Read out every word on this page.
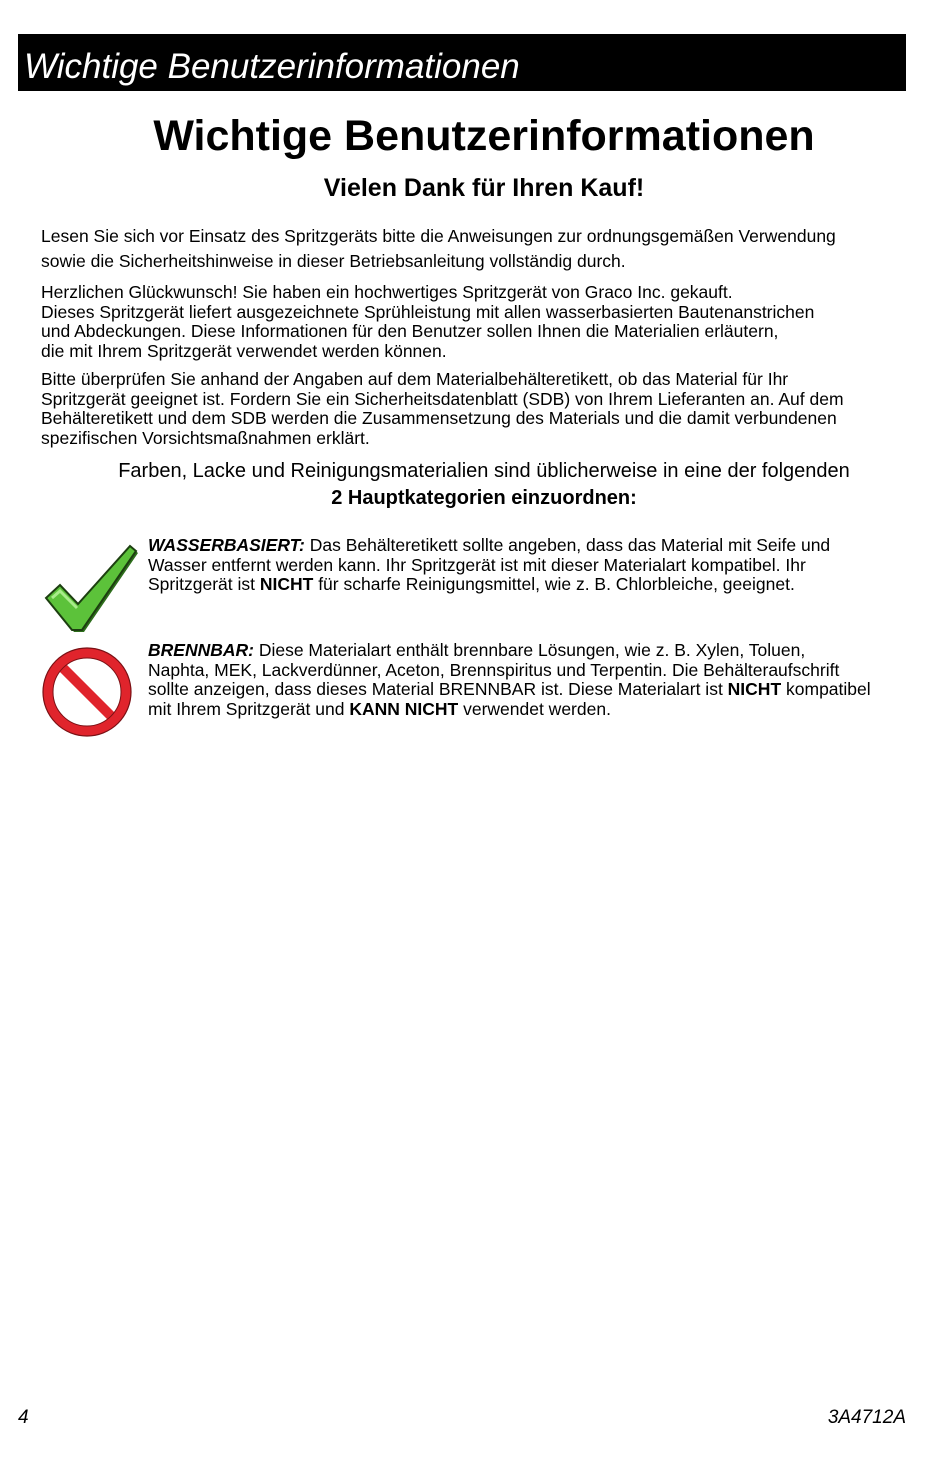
Wichtige Benutzerinformationen
Wichtige Benutzerinformationen
Vielen Dank für Ihren Kauf!

Lesen Sie sich vor Einsatz des Spritzgeräts bitte die Anweisungen zur ordnungsgemäßen Verwendung
sowie die Sicherheitshinweise in dieser Betriebsanleitung vollständig durch.

Herzlichen Glückwunsch! Sie haben ein hochwertiges Spritzgerät von Graco Inc. gekauft.
Dieses Spritzgerät liefert ausgezeichnete Sprühleistung mit allen wasserbasierten Bautenanstrichen
und Abdeckungen. Diese Informationen für den Benutzer sollen Ihnen die Materialien erläutern,
die mit Ihrem Spritzgerät verwendet werden können.

Bitte überprüfen Sie anhand der Angaben auf dem Materialbehälteretikett, ob das Material für Ihr
Spritzgerät geeignet ist. Fordern Sie ein Sicherheitsdatenblatt (SDB) von Ihrem Lieferanten an. Auf dem
Behälteretikett und dem SDB werden die Zusammensetzung des Materials und die damit verbundenen
spezifischen Vorsichtsmaßnahmen erklärt.

Farben, Lacke und Reinigungsmaterialien sind üblicherweise in eine der folgenden
2 Hauptkategorien einzuordnen:

WASSERBASIERT: Das Behälteretikett sollte angeben, dass das Material mit Seife und
Wasser entfernt werden kann. Ihr Spritzgerät ist mit dieser Materialart kompatibel. Ihr
Spritzgerät ist NICHT für scharfe Reinigungsmittel, wie z. B. Chlorbleiche, geeignet.

BRENNBAR: Diese Materialart enthält brennbare Lösungen, wie z. B. Xylen, Toluen,
Naphta, MEK, Lackverdünner, Aceton, Brennspiritus und Terpentin. Die Behälteraufschrift
sollte anzeigen, dass dieses Material BRENNBAR ist. Diese Materialart ist NICHT kompatibel
mit Ihrem Spritzgerät und KANN NICHT verwendet werden.

4	3A4712A
